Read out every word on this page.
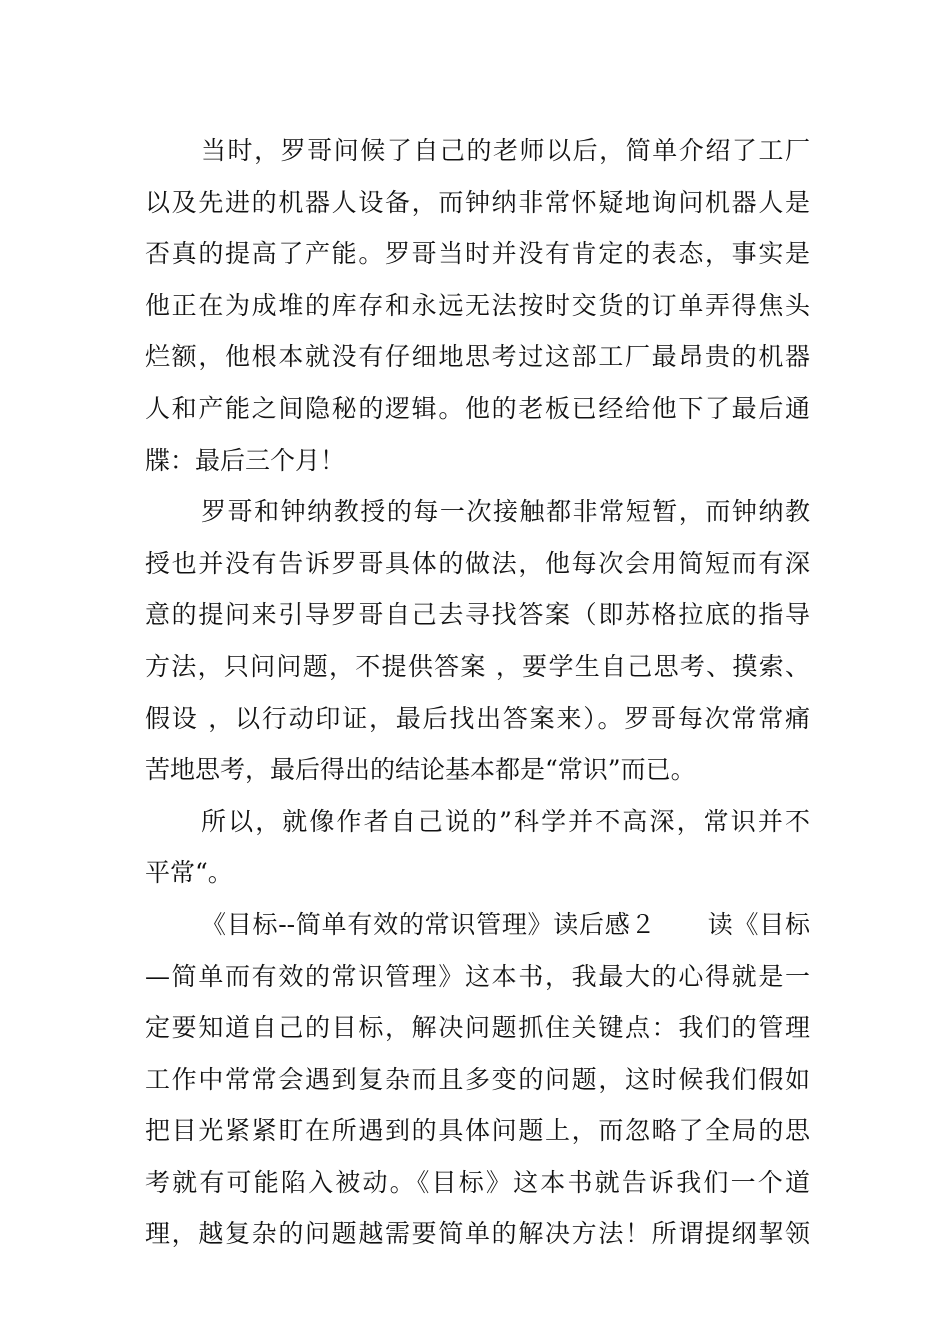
当时，罗哥问候了自己的老师以后，简单介绍了工厂
以及先进的机器人设备，而钟纳非常怀疑地询问机器人是
否真的提高了产能。罗哥当时并没有肯定的表态，事实是
他正在为成堆的库存和永远无法按时交货的订单弄得焦头
烂额，他根本就没有仔细地思考过这部工厂最昂贵的机器
人和产能之间隐秘的逻辑。他的老板已经给他下了最后通
牒：最后三个月！
罗哥和钟纳教授的每一次接触都非常短暂，而钟纳教
授也并没有告诉罗哥具体的做法，他每次会用简短而有深
意的提问来引导罗哥自己去寻找答案（即苏格拉底的指导
方法，只问问题，不提供答案 ，要学生自己思考、摸索、
假设 ，以行动印证，最后找出答案来）。罗哥每次常常痛
苦地思考，最后得出的结论基本都是“常识”而已。
所以，就像作者自己说的”科学并不高深，常识并不
平常“。
《目标--简单有效的常识管理》读后感２　　读《目标
—简单而有效的常识管理》这本书，我最大的心得就是一
定要知道自己的目标，解决问题抓住关键点：我们的管理
工作中常常会遇到复杂而且多变的问题，这时候我们假如
把目光紧紧盯在所遇到的具体问题上，而忽略了全局的思
考就有可能陷入被动。《目标》这本书就告诉我们一个道
理，越复杂的问题越需要简单的解决方法！所谓提纲挈领
